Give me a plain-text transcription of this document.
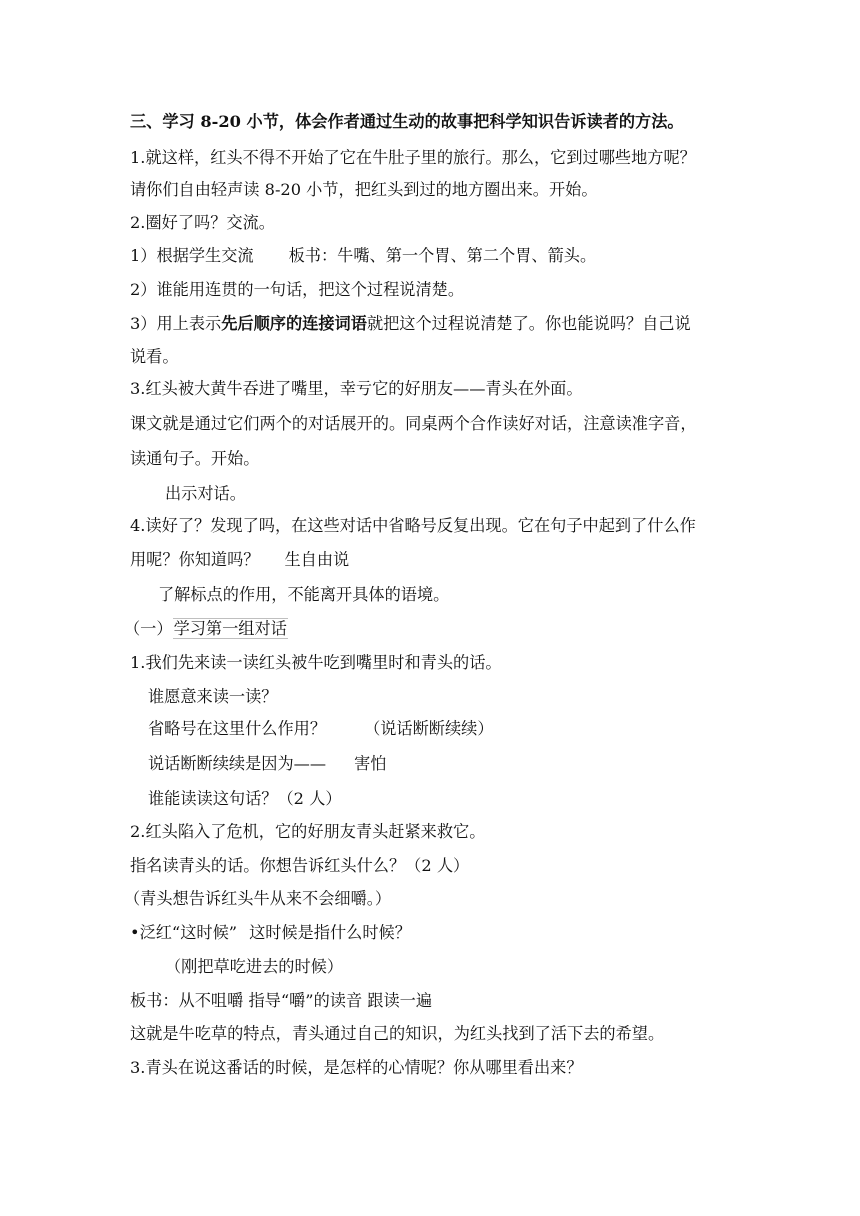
三、学习 8-20 小节，体会作者通过生动的故事把科学知识告诉读者的方法。
1.就这样，红头不得不开始了它在牛肚子里的旅行。那么，它到过哪些地方呢？
请你们自由轻声读 8-20 小节，把红头到过的地方圈出来。开始。
2.圈好了吗？交流。
1）根据学生交流 板书：牛嘴、第一个胃、第二个胃、箭头。
2）谁能用连贯的一句话，把这个过程说清楚。
3）用上表示先后顺序的连接词语就把这个过程说清楚了。你也能说吗？自己说
说看。
3.红头被大黄牛吞进了嘴里，幸亏它的好朋友——青头在外面。
课文就是通过它们两个的对话展开的。同桌两个合作读好对话，注意读准字音，
读通句子。开始。
出示对话。
4.读好了？发现了吗，在这些对话中省略号反复出现。它在句子中起到了什么作
用呢？你知道吗？ 生自由说
了解标点的作用，不能离开具体的语境。
（一）学习第一组对话
1.我们先来读一读红头被牛吃到嘴里时和青头的话。
谁愿意来读一读？
省略号在这里什么作用？ （说话断断续续）
说话断断续续是因为—— 害怕
谁能读读这句话？（2 人）
2.红头陷入了危机，它的好朋友青头赶紧来救它。
指名读青头的话。你想告诉红头什么？（2 人）
（青头想告诉红头牛从来不会细嚼。）
•泛红“这时候” 这时候是指什么时候？
（刚把草吃进去的时候）
板书：从不咀嚼 指导“嚼”的读音 跟读一遍
这就是牛吃草的特点，青头通过自己的知识，为红头找到了活下去的希望。
3.青头在说这番话的时候，是怎样的心情呢？你从哪里看出来？
